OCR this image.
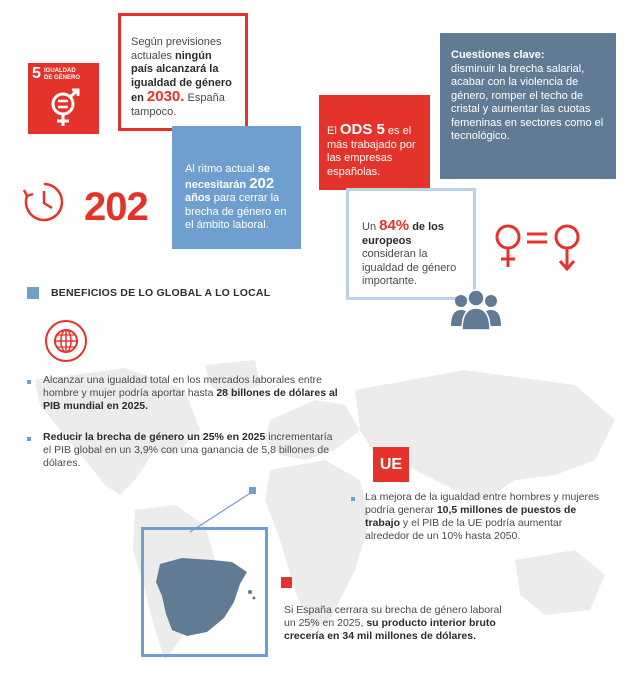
5 IGUALDAD
DE GÉNERO
Según previsiones actuales ningún país alcanzará la igualdad de género en 2030. España tampoco.
Al ritmo actual se necesitarán 202 años para cerrar la brecha de género en el ámbito laboral.
202
Cuestiones clave:
disminuir la brecha salarial, acabar con la violencia de género, romper el techo de cristal y aumentar las cuotas femeninas en sectores como el tecnológico.
El ODS 5 es el más trabajado por las empresas españolas.
Un 84% de los europeos consideran la igualdad de género importante.
BENEFICIOS DE LO GLOBAL A LO LOCAL
Alcanzar una igualdad total en los mercados laborales entre hombre y mujer podría aportar hasta 28 billones de dólares al PIB mundial en 2025.
Reducir la brecha de género un 25% en 2025 incrementaría el PIB global en un 3,9% con una ganancia de 5,8 billones de dólares.	UE
La mejora de la igualdad entre hombres y mujeres podría generar 10,5 millones de puestos de trabajo y el PIB de la UE podría aumentar alrededor de un 10% hasta 2050.
Si España cerrara su brecha de género laboral un 25% en 2025, su producto interior bruto crecería en 34 mil millones de dólares.
